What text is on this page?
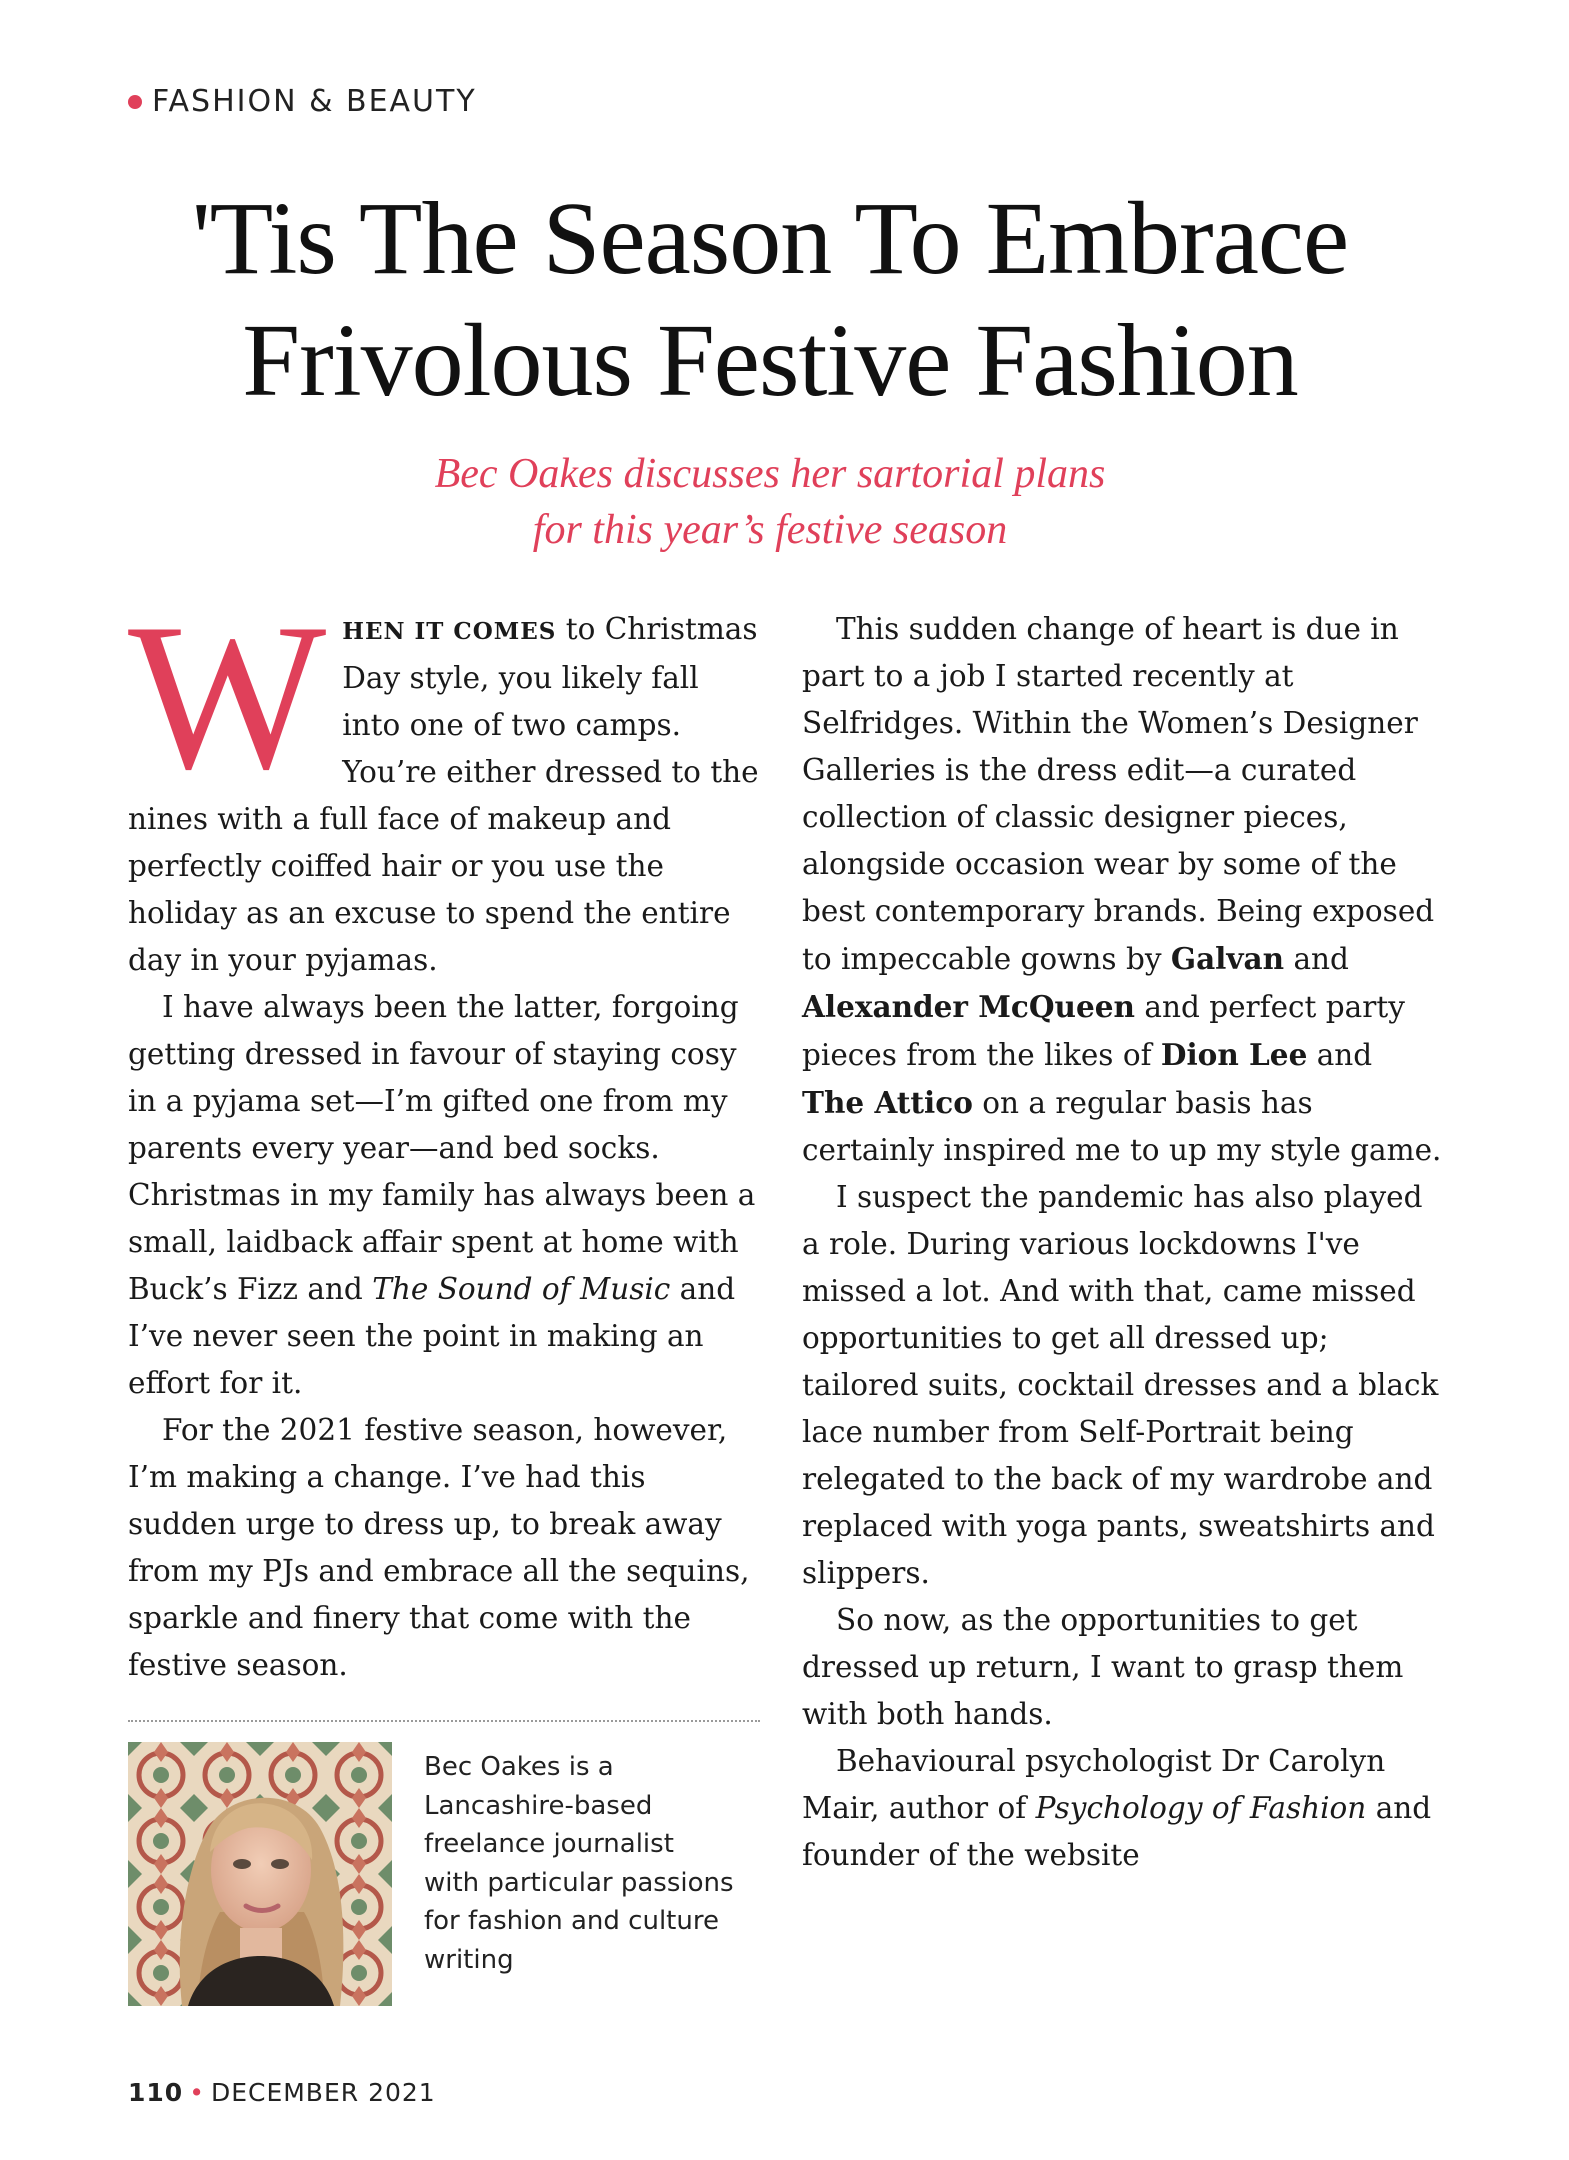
FASHION & BEAUTY
'Tis The Season To Embrace
Frivolous Festive Fashion

Bec Oakes discusses her sartorial plans
for this year’s festive season

W HEN IT COMES to Christmas Day style, you likely fall into one of two camps. You’re either dressed to the nines with a full face of makeup and perfectly coiffed hair or you use the holiday as an excuse to spend the entire day in your pyjamas.

I have always been the latter, forgoing getting dressed in favour of staying cosy in a pyjama set—I’m gifted one from my parents every year—and bed socks. Christmas in my family has always been a small, laidback affair spent at home with Buck’s Fizz and The Sound of Music and I’ve never seen the point in making an effort for it.

For the 2021 festive season, however, I’m making a change. I’ve had this sudden urge to dress up, to break away from my PJs and embrace all the sequins, sparkle and finery that come with the festive season.

This sudden change of heart is due in part to a job I started recently at Selfridges. Within the Women’s Designer Galleries is the dress edit—a curated collection of classic designer pieces, alongside occasion wear by some of the best contemporary brands. Being exposed to impeccable gowns by Galvan and Alexander McQueen and perfect party pieces from the likes of Dion Lee and The Attico on a regular basis has certainly inspired me to up my style game.

I suspect the pandemic has also played a role. During various lockdowns I've missed a lot. And with that, came missed opportunities to get all dressed up; tailored suits, cocktail dresses and a black lace number from Self-Portrait being relegated to the back of my wardrobe and replaced with yoga pants, sweatshirts and slippers.

So now, as the opportunities to get dressed up return, I want to grasp them with both hands.

Behavioural psychologist Dr Carolyn Mair, author of Psychology of Fashion and founder of the website

Bec Oakes is a Lancashire-based freelance journalist with particular passions for fashion and culture writing
110 • DECEMBER 2021
